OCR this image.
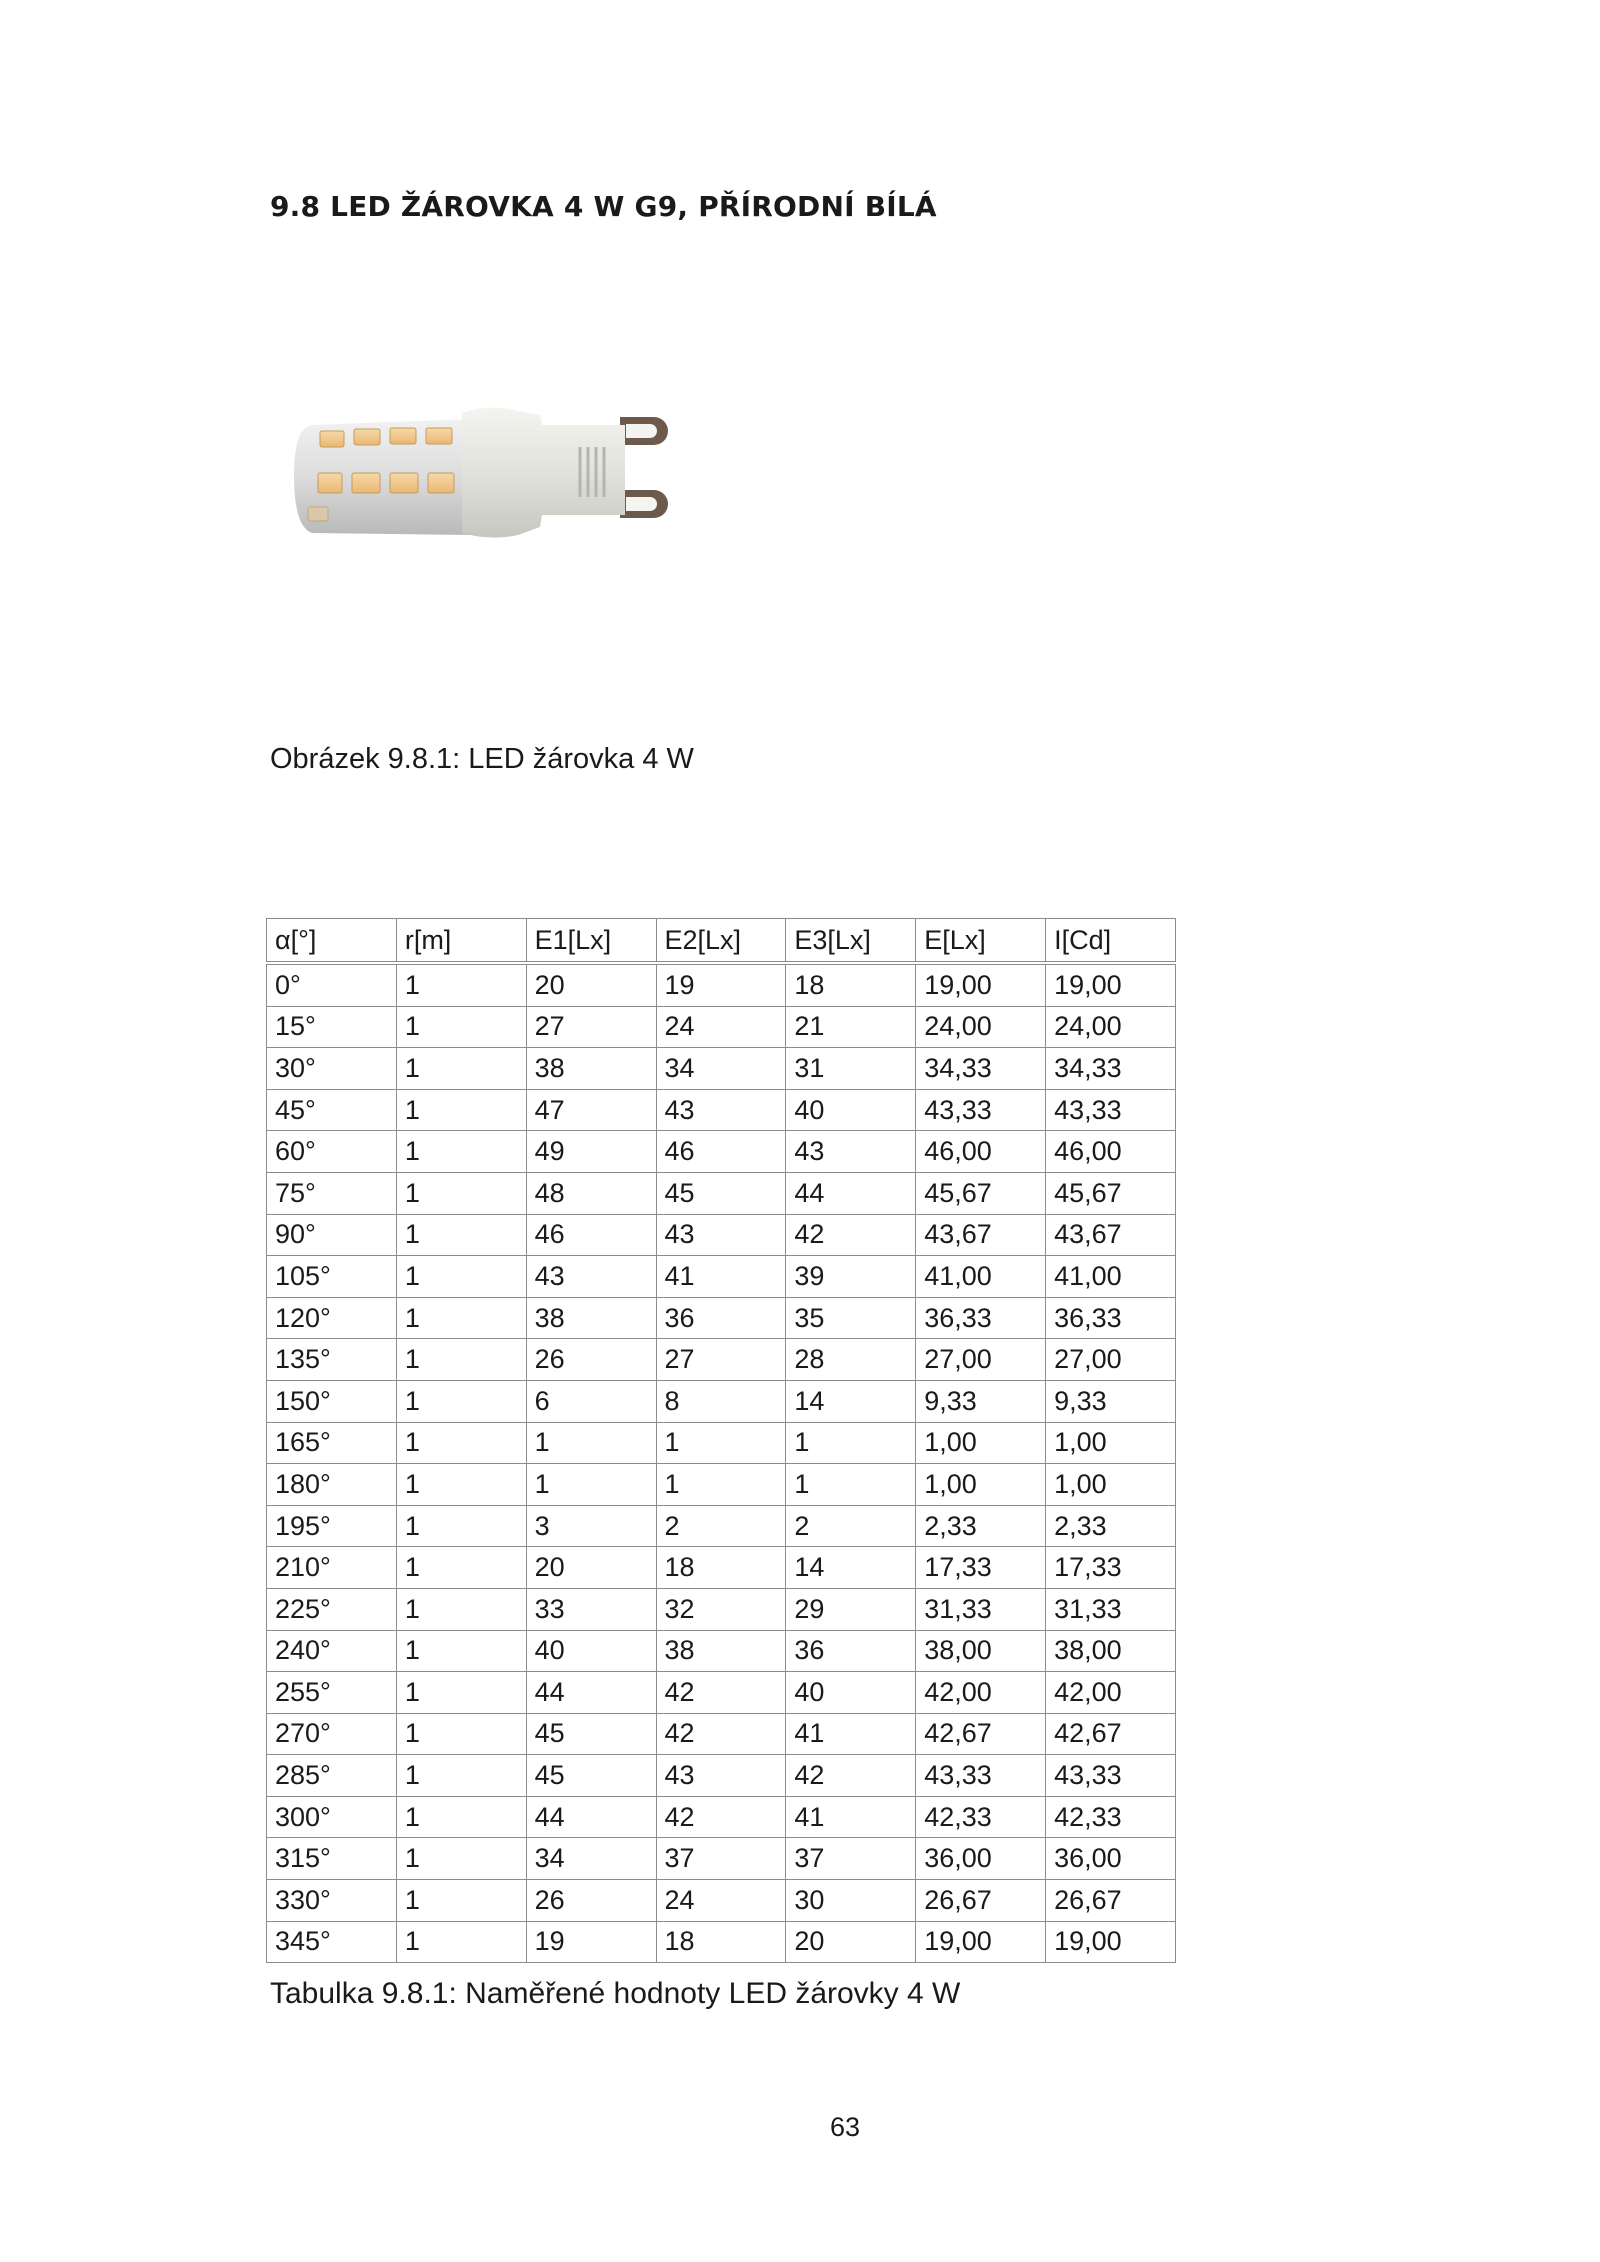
9.8 LED ŽÁROVKA 4 W G9, PŘÍRODNÍ BÍLÁ
Obrázek 9.8.1: LED žárovka 4 W
α[°]	r[m]	E1[Lx]	E2[Lx]	E3[Lx]	E[Lx]	I[Cd]
0°	1	20	19	18	19,00	19,00
15°	1	27	24	21	24,00	24,00
30°	1	38	34	31	34,33	34,33
45°	1	47	43	40	43,33	43,33
60°	1	49	46	43	46,00	46,00
75°	1	48	45	44	45,67	45,67
90°	1	46	43	42	43,67	43,67
105°	1	43	41	39	41,00	41,00
120°	1	38	36	35	36,33	36,33
135°	1	26	27	28	27,00	27,00
150°	1	6	8	14	9,33	9,33
165°	1	1	1	1	1,00	1,00
180°	1	1	1	1	1,00	1,00
195°	1	3	2	2	2,33	2,33
210°	1	20	18	14	17,33	17,33
225°	1	33	32	29	31,33	31,33
240°	1	40	38	36	38,00	38,00
255°	1	44	42	40	42,00	42,00
270°	1	45	42	41	42,67	42,67
285°	1	45	43	42	43,33	43,33
300°	1	44	42	41	42,33	42,33
315°	1	34	37	37	36,00	36,00
330°	1	26	24	30	26,67	26,67
345°	1	19	18	20	19,00	19,00
Tabulka 9.8.1: Naměřené hodnoty LED žárovky 4 W
63
